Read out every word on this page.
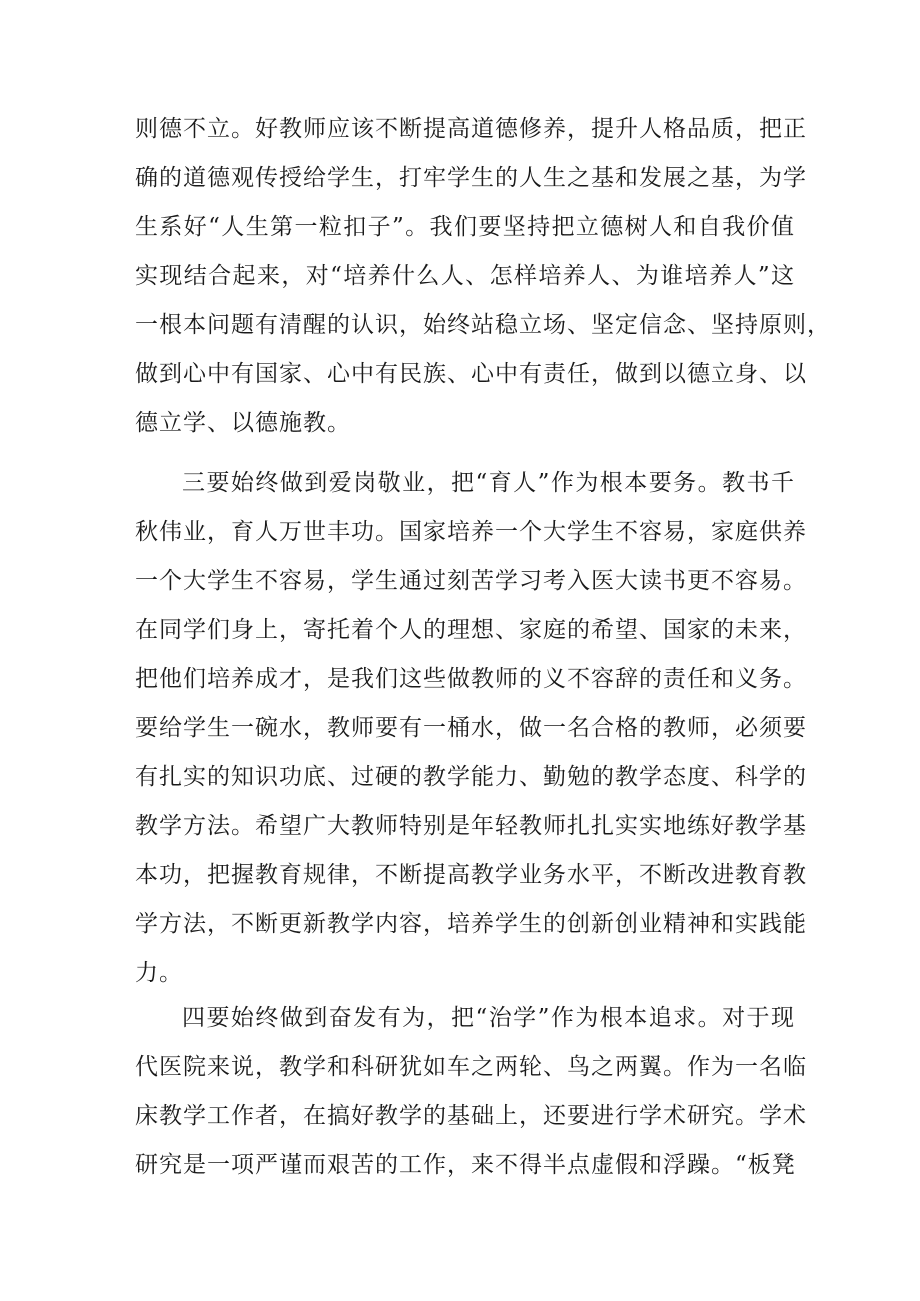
则德不立。好教师应该不断提高道德修养，提升人格品质，把正
确的道德观传授给学生，打牢学生的人生之基和发展之基，为学
生系好“人生第一粒扣子”。我们要坚持把立德树人和自我价值
实现结合起来，对“培养什么人、怎样培养人、为谁培养人”这
一根本问题有清醒的认识，始终站稳立场、坚定信念、坚持原则，
做到心中有国家、心中有民族、心中有责任，做到以德立身、以
德立学、以德施教。
三要始终做到爱岗敬业，把“育人”作为根本要务。教书千
秋伟业，育人万世丰功。国家培养一个大学生不容易，家庭供养
一个大学生不容易，学生通过刻苦学习考入医大读书更不容易。
在同学们身上，寄托着个人的理想、家庭的希望、国家的未来，
把他们培养成才，是我们这些做教师的义不容辞的责任和义务。
要给学生一碗水，教师要有一桶水，做一名合格的教师，必须要
有扎实的知识功底、过硬的教学能力、勤勉的教学态度、科学的
教学方法。希望广大教师特别是年轻教师扎扎实实地练好教学基
本功，把握教育规律，不断提高教学业务水平，不断改进教育教
学方法，不断更新教学内容，培养学生的创新创业精神和实践能
力。
四要始终做到奋发有为，把“治学”作为根本追求。对于现
代医院来说，教学和科研犹如车之两轮、鸟之两翼。作为一名临
床教学工作者，在搞好教学的基础上，还要进行学术研究。学术
研究是一项严谨而艰苦的工作，来不得半点虚假和浮躁。“板凳
